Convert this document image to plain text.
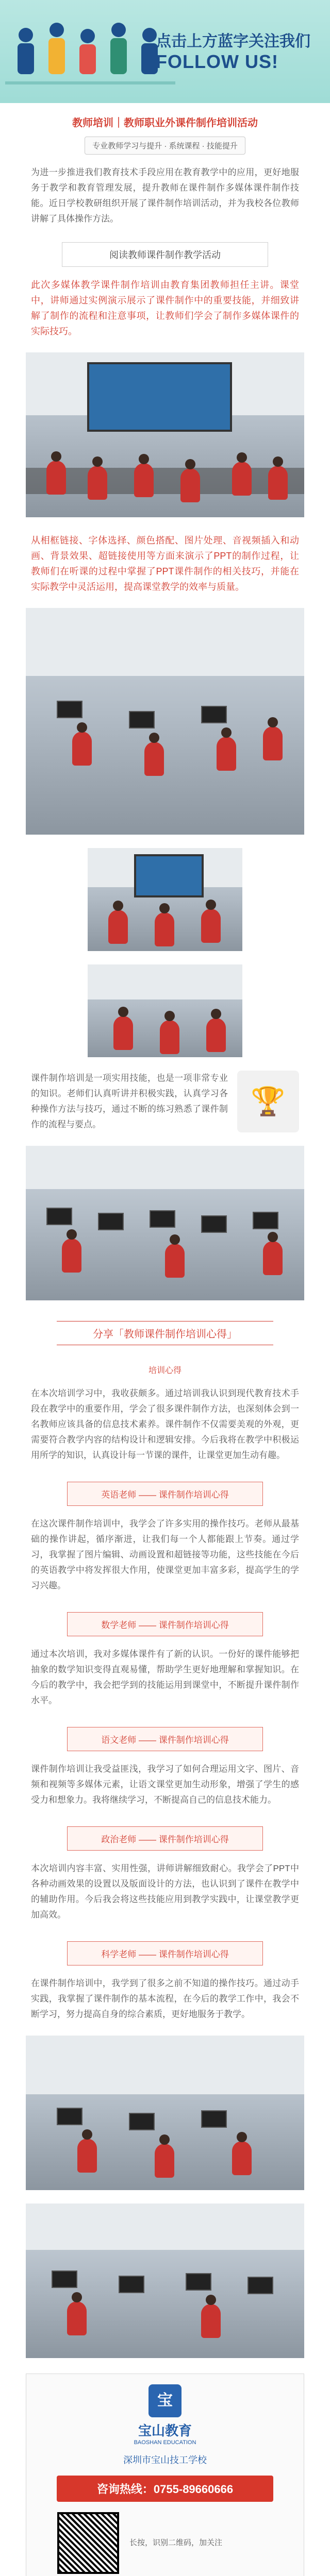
点击上方蓝字关注我们
FOLLOW US!
教师培训｜教师职业外课件制作培训活动
专业教师学习与提升 · 系统课程 · 技能提升

为进一步推进我们教育技术手段应用在教育教学中的应用，更好地服务于教学和教育管理发展，提升教师在课件制作多媒体课件制作技能。近日学校教研组织开展了课件制作培训活动，并为我校各位教师讲解了具体操作方法。

阅读教师课件制作教学活动

此次多媒体教学课件制作培训由教育集团教师担任主讲。课堂中，讲师通过实例演示展示了课件制作中的重要技能，并细致讲解了制作的流程和注意事项，让教师们学会了制作多媒体课件的实际技巧。

从相框链接、字体选择、颜色搭配、图片处理、音视频插入和动画、背景效果、超链接使用等方面来演示了PPT的制作过程，让教师们在听课的过程中掌握了PPT课件制作的相关技巧，并能在实际教学中灵活运用，提高课堂教学的效率与质量。

课件制作培训是一项实用技能，也是一项非常专业的知识。老师们认真听讲并积极实践，认真学习各种操作方法与技巧，通过不断的练习熟悉了课件制作的流程与要点。

🏆
分享「教师课件制作培训心得」
培训心得

在本次培训学习中，我收获颇多。通过培训我认识到现代教育技术手段在教学中的重要作用，学会了很多课件制作方法，也深刻体会到一名教师应该具备的信息技术素养。课件制作不仅需要美观的外观，更需要符合教学内容的结构设计和逻辑安排。今后我将在教学中积极运用所学的知识，认真设计每一节课的课件，让课堂更加生动有趣。

英语老师 —— 课件制作培训心得

在这次课件制作培训中，我学会了许多实用的操作技巧。老师从最基础的操作讲起，循序渐进，让我们每一个人都能跟上节奏。通过学习，我掌握了图片编辑、动画设置和超链接等功能，这些技能在今后的英语教学中将发挥很大作用，使课堂更加丰富多彩，提高学生的学习兴趣。

数学老师 —— 课件制作培训心得

通过本次培训，我对多媒体课件有了新的认识。一份好的课件能够把抽象的数学知识变得直观易懂，帮助学生更好地理解和掌握知识。在今后的教学中，我会把学到的技能运用到课堂中，不断提升课件制作水平。

语文老师 —— 课件制作培训心得

课件制作培训让我受益匪浅，我学习了如何合理运用文字、图片、音频和视频等多媒体元素，让语文课堂更加生动形象，增强了学生的感受力和想象力。我将继续学习，不断提高自己的信息技术能力。

政治老师 —— 课件制作培训心得

本次培训内容丰富、实用性强，讲师讲解细致耐心。我学会了PPT中各种动画效果的设置以及版面设计的方法，也认识到了课件在教学中的辅助作用。今后我会将这些技能应用到教学实践中，让课堂教学更加高效。

科学老师 —— 课件制作培训心得

在课件制作培训中，我学到了很多之前不知道的操作技巧。通过动手实践，我掌握了课件制作的基本流程，在今后的教学工作中，我会不断学习，努力提高自身的综合素质，更好地服务于教学。

宝
宝山教育
BAOSHAN EDUCATION
深圳市宝山技工学校
咨询热线：0755-89660666
长按，识别二维码，加关注
